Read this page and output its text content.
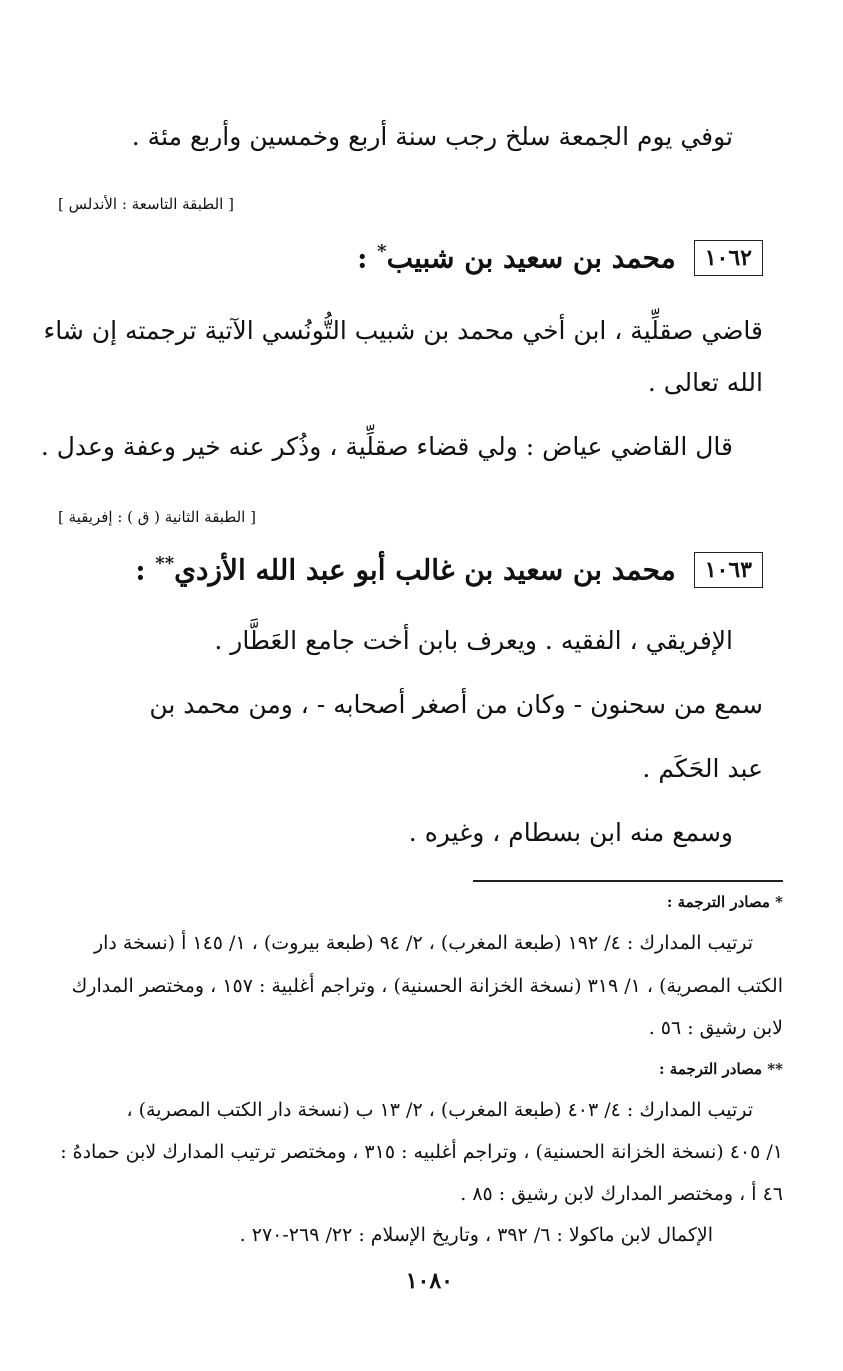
توفي يوم الجمعة سلخ رجب سنة أربع وخمسين وأربع مئة .
[ الطبقة التاسعة : الأندلس ]
١٠٦٢
محمد بن سعيد بن شبيب* :
قاضي صقلِّية ، ابن أخي محمد بن شبيب التُّونُسي الآتية ترجمته إن شاء
الله تعالى .
قال القاضي عياض : ولي قضاء صقلِّية ، وذُكر عنه خير وعفة وعدل .
[ الطبقة الثانية ( ق ) : إفريقية ]
١٠٦٣
محمد بن سعيد بن غالب أبو عبد الله الأزدي** :
الإفريقي ، الفقيه . ويعرف بابن أخت جامع العَطَّار .
سمع من سحنون - وكان من أصغر أصحابه - ، ومن محمد بن
عبد الحَكَم .
وسمع منه ابن بسطام ، وغيره .
* مصادر الترجمة :
ترتيب المدارك : ٤/ ١٩٢ (طبعة المغرب) ، ٢/ ٩٤ (طبعة بيروت) ، ١/ ١٤٥ أ (نسخة دار
الكتب المصرية) ، ١/ ٣١٩ (نسخة الخزانة الحسنية) ، وتراجم أغلبية : ١٥٧ ، ومختصر المدارك
لابن رشيق : ٥٦ .
** مصادر الترجمة :
ترتيب المدارك : ٤/ ٤٠٣ (طبعة المغرب) ، ٢/ ١٣ ب (نسخة دار الكتب المصرية) ،
١/ ٤٠٥ (نسخة الخزانة الحسنية) ، وتراجم أغلبيه : ٣١٥ ، ومختصر ترتيب المدارك لابن حمادهُ :
٤٦ أ ، ومختصر المدارك لابن رشيق : ٨٥ .
الإكمال لابن ماكولا : ٦/ ٣٩٢ ، وتاريخ الإسلام : ٢٢/ ٢٦٩-٢٧٠ .
١٠٨٠
